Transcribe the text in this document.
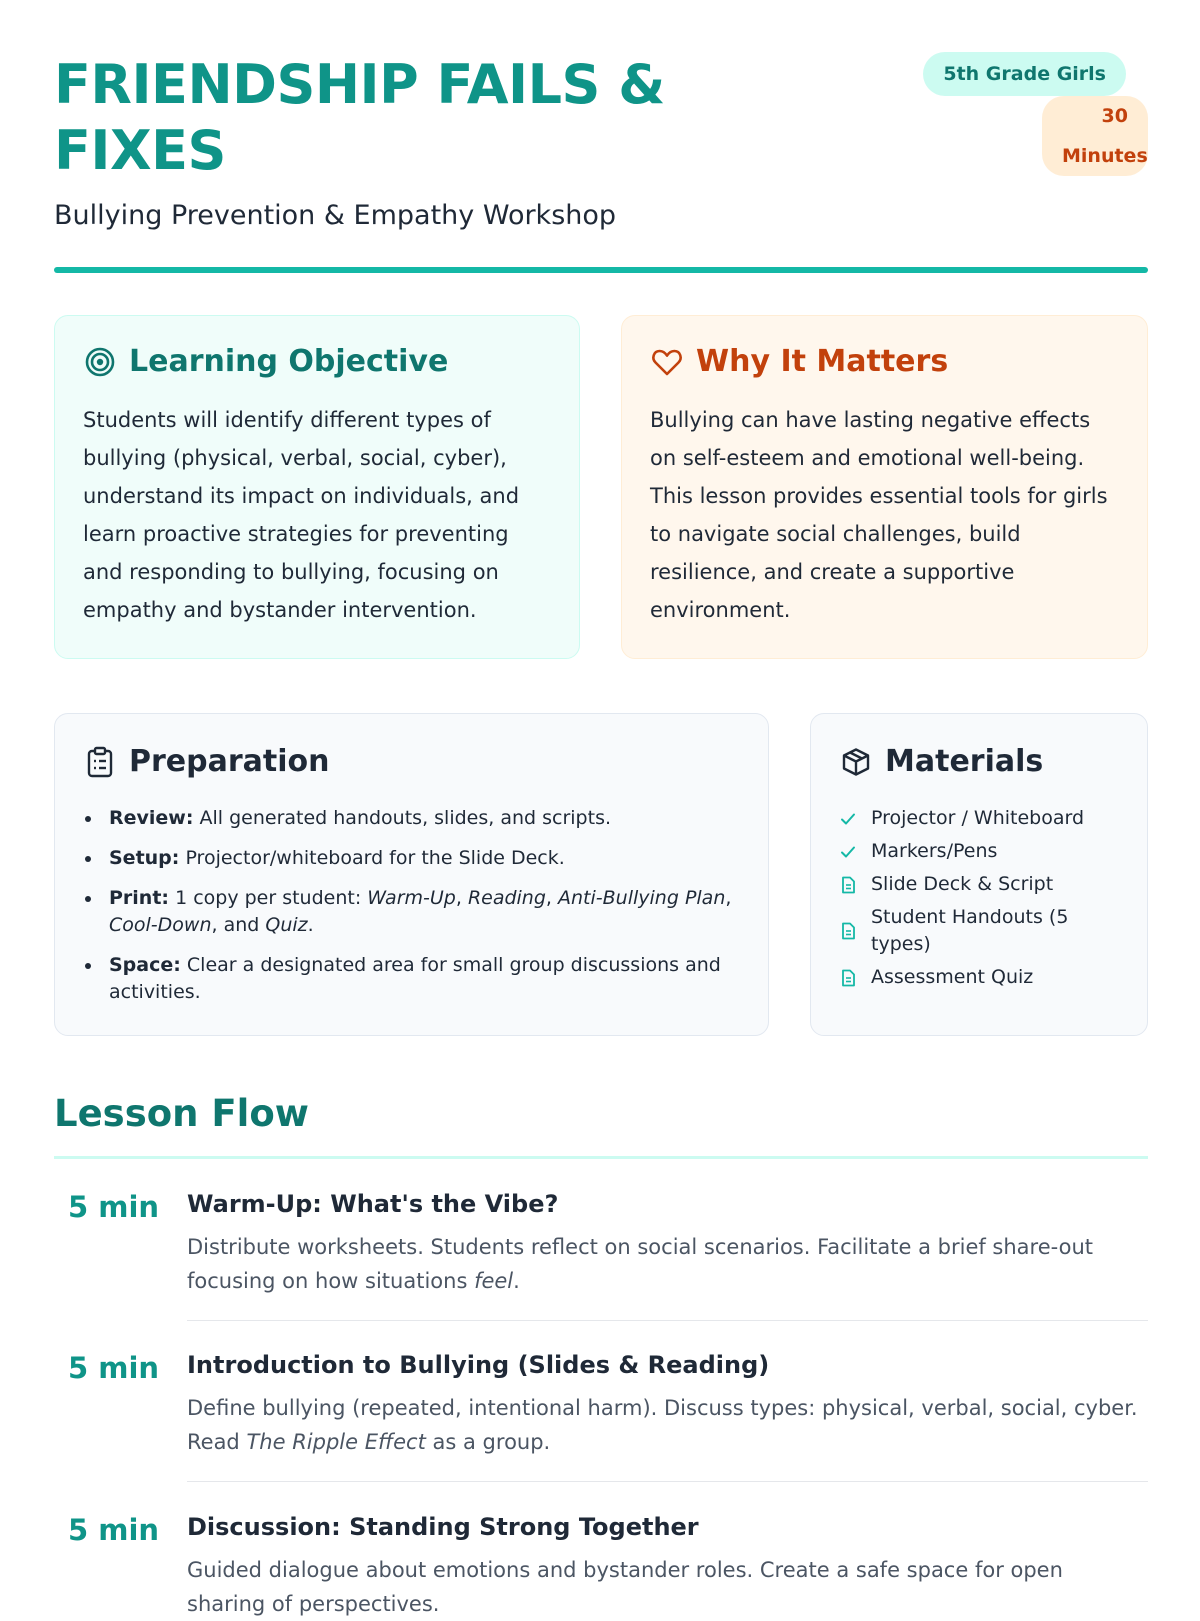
FRIENDSHIP FAILS & FIXES
Bullying Prevention & Empathy Workshop
5th Grade Girls
30
Minutes
Learning Objective
Students will identify different types of bullying (physical, verbal, social, cyber), understand its impact on individuals, and learn proactive strategies for preventing and responding to bullying, focusing on empathy and bystander intervention.
Why It Matters
Bullying can have lasting negative effects on self-esteem and emotional well-being. This lesson provides essential tools for girls to navigate social challenges, build resilience, and create a supportive environment.
Preparation
Review: All generated handouts, slides, and scripts.
Setup: Projector/whiteboard for the Slide Deck.
Print: 1 copy per student: Warm-Up, Reading, Anti-Bullying Plan, Cool-Down, and Quiz.
Space: Clear a designated area for small group discussions and activities.
Materials
Projector / Whiteboard
Markers/Pens
Slide Deck & Script
Student Handouts (5 types)
Assessment Quiz
Lesson Flow
5 min Warm-Up: What's the Vibe?
Distribute worksheets. Students reflect on social scenarios. Facilitate a brief share-out focusing on how situations feel.
5 min Introduction to Bullying (Slides & Reading)
Define bullying (repeated, intentional harm). Discuss types: physical, verbal, social, cyber. Read The Ripple Effect as a group.
5 min Discussion: Standing Strong Together
Guided dialogue about emotions and bystander roles. Create a safe space for open sharing of perspectives.
